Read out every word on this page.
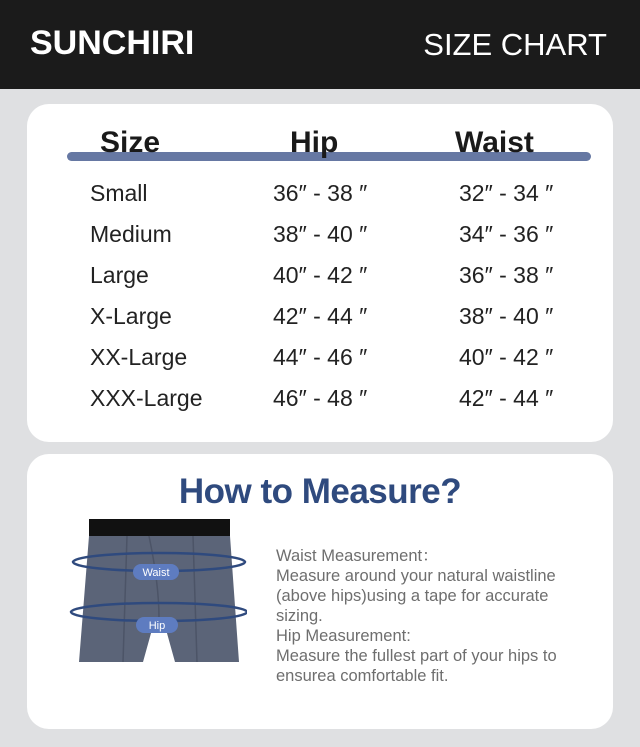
SUNCHIRI	SIZE CHART
Size	Hip	Waist
Small	36″ - 38 ″	32″ - 34 ″
Medium	38″ - 40 ″	34″ - 36 ″
Large	40″ - 42 ″	36″ - 38 ″
X-Large	42″ - 44 ″	38″ - 40 ″
XX-Large	44″ - 46 ″	40″ - 42 ″
XXX-Large	46″ - 48 ″	42″ - 44 ″
How to Measure?
Waist
Hip
Waist Measurement：
Measure around your natural waistline
(above hips)using a tape for accurate
sizing.
Hip Measurement:
Measure the fullest part of your hips to
ensurea comfortable fit.
